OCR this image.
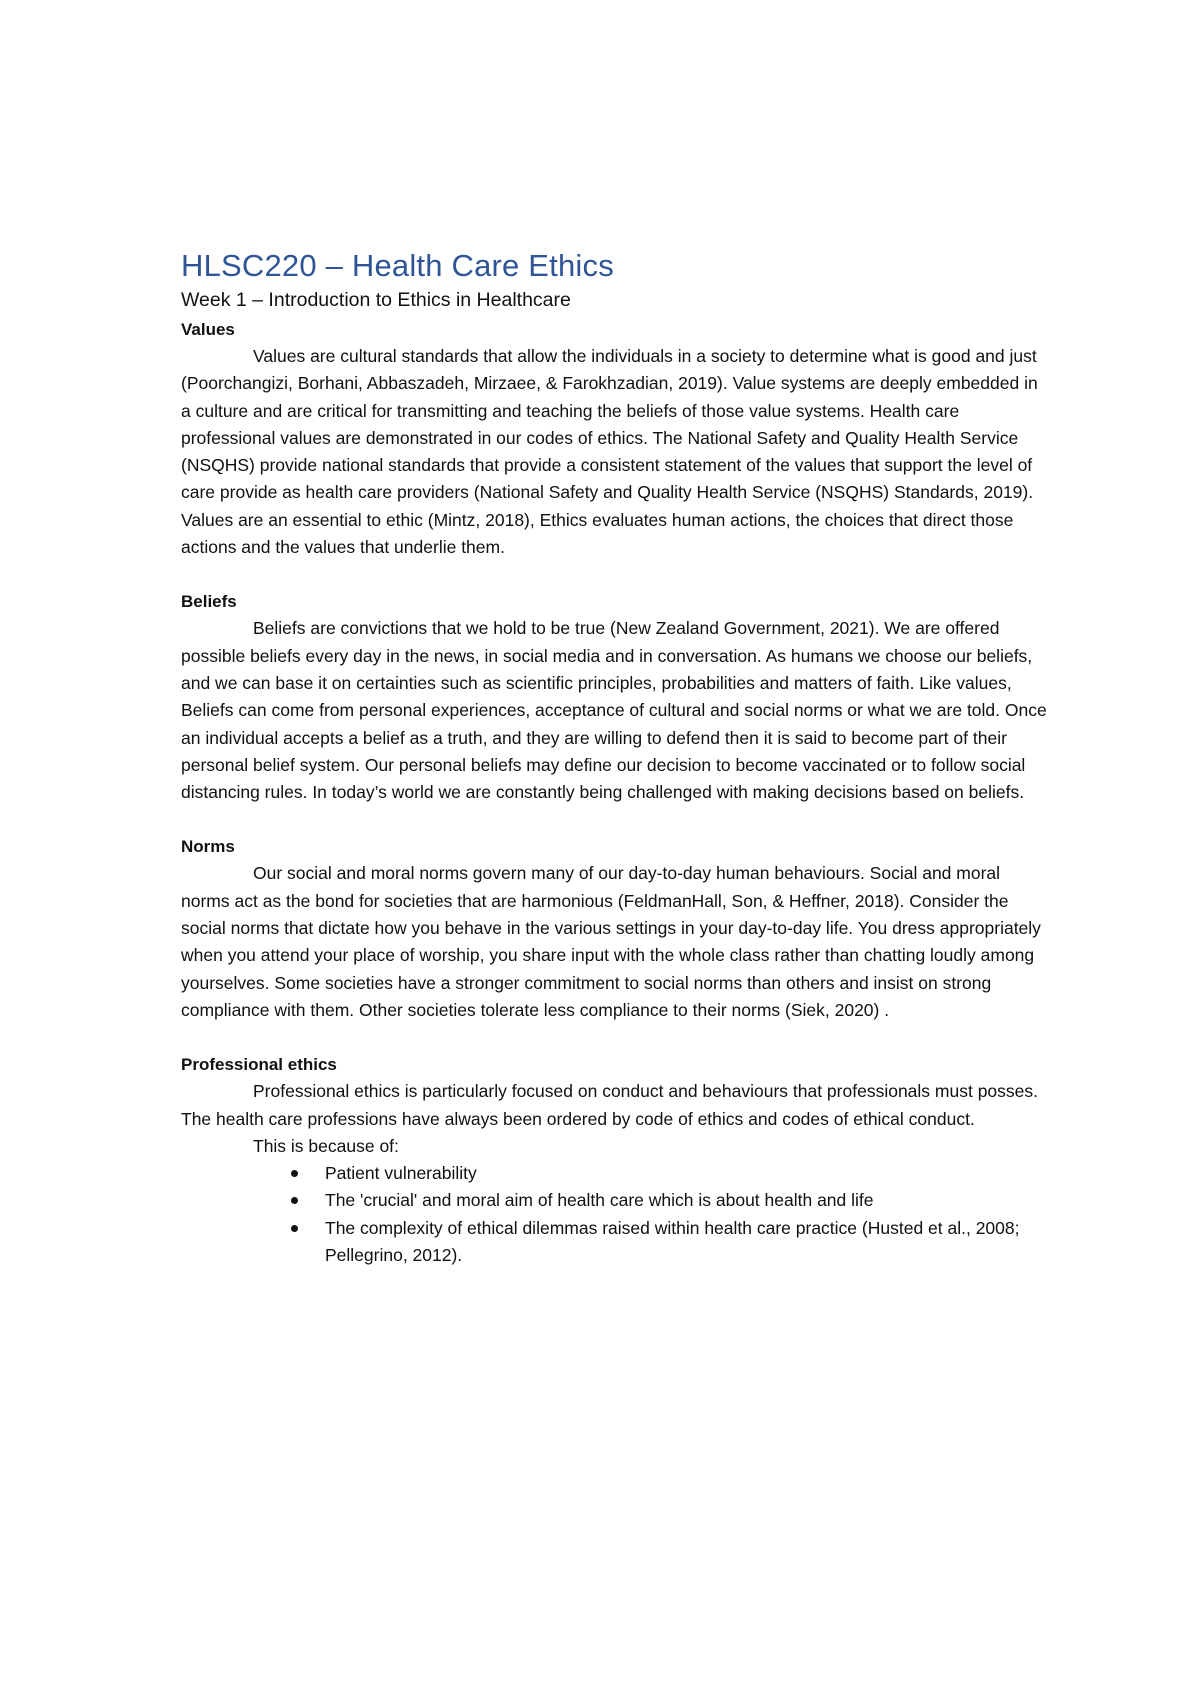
HLSC220 – Health Care Ethics
Week 1 – Introduction to Ethics in Healthcare
Values

Values are cultural standards that allow the individuals in a society to determine what is good and just (Poorchangizi, Borhani, Abbaszadeh, Mirzaee, & Farokhzadian, 2019). Value systems are deeply embedded in a culture and are critical for transmitting and teaching the beliefs of those value systems. Health care professional values are demonstrated in our codes of ethics. The National Safety and Quality Health Service (NSQHS) provide national standards that provide a consistent statement of the values that support the level of care provide as health care providers (National Safety and Quality Health Service (NSQHS) Standards, 2019). Values are an essential to ethic (Mintz, 2018), Ethics evaluates human actions, the choices that direct those actions and the values that underlie them.

Beliefs

Beliefs are convictions that we hold to be true (New Zealand Government, 2021). We are offered possible beliefs every day in the news, in social media and in conversation. As humans we choose our beliefs, and we can base it on certainties such as scientific principles, probabilities and matters of faith. Like values, Beliefs can come from personal experiences, acceptance of cultural and social norms or what we are told. Once an individual accepts a belief as a truth, and they are willing to defend then it is said to become part of their personal belief system. Our personal beliefs may define our decision to become vaccinated or to follow social distancing rules. In today’s world we are constantly being challenged with making decisions based on beliefs.

Norms

Our social and moral norms govern many of our day-to-day human behaviours. Social and moral norms act as the bond for societies that are harmonious (FeldmanHall, Son, & Heffner, 2018). Consider the social norms that dictate how you behave in the various settings in your day-to-day life. You dress appropriately when you attend your place of worship, you share input with the whole class rather than chatting loudly among yourselves. Some societies have a stronger commitment to social norms than others and insist on strong compliance with them. Other societies tolerate less compliance to their norms (Siek, 2020) .

Professional ethics

Professional ethics is particularly focused on conduct and behaviours that professionals must posses. The health care professions have always been ordered by code of ethics and codes of ethical conduct.

This is because of:

Patient vulnerability
The 'crucial' and moral aim of health care which is about health and life
The complexity of ethical dilemmas raised within health care practice (Husted et al., 2008; Pellegrino, 2012).
